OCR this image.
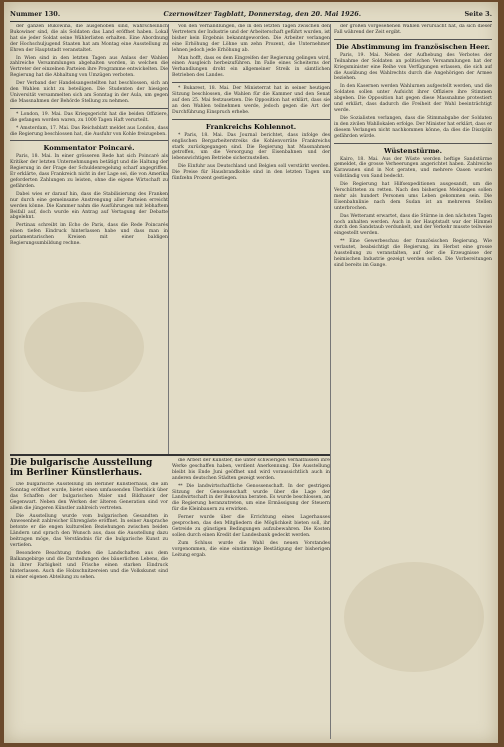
Nummer 130.	Czernowitzer Tagblatt, Donnerstag, den 20. Mai 1926.	Seite 3.

der ganzen Bukowina, die ausgehoben sind, wahrscheinlich Bukowiner sind, die als Soldaten das Land eröffnet haben. Lokal hat sie jeder Soldat seine Wählerlisten erhalten. Eine Abordnung der Hochschuljugend Staaten hat am Montag eine Ausstellung zu Ehren der Hauptstadt veranstaltet.

In Wien sind in den letzten Tagen aus Anlass der Wahlen zahlreiche Versammlungen abgehalten worden, in welchen die Vertreter der einzelnen Parteien ihre Programme entwickelten. Die Regierung hat die Abhaltung von Umzügen verboten.

Der Verband der Handelsangestellten hat beschlossen, sich an den Wahlen nicht zu beteiligen. Die Studenten der hiesigen Universität versammelten sich am Sonntag in der Aula, um gegen die Massnahmen der Behörde Stellung zu nehmen.

* London, 19. Mai. Das Kriegsgericht hat die beiden Offiziere, die gefangen worden waren, zu 1000 Tagen Haft verurteilt.

* Amsterdam, 17. Mai. Das Reichsblatt meldet aus London, dass die Regierung beschlossen hat, die Ausfuhr von Kohle freizugeben.

Kommentator Poincaré.

Paris, 18. Mai. In einer grösseren Rede hat sich Poincaré als Kritiker der letzten Unternehmungen betätigt und die Haltung der Regierung in der Frage der Schuldenregelung scharf angegriffen. Er erklärte, dass Frankreich nicht in der Lage sei, die von Amerika geforderten Zahlungen zu leisten, ohne die eigene Wirtschaft zu gefährden.

Dabei wies er darauf hin, dass die Stabilisierung des Franken nur durch eine gemeinsame Anstrengung aller Parteien erreicht werden könne. Die Kammer nahm die Ausführungen mit lebhaftem Beifall auf, doch wurde ein Antrag auf Vertagung der Debatte abgelehnt.

Pertinax schreibt im Echo de Paris, dass die Rede Poincarés einen tiefen Eindruck hinterlassen habe und dass man in parlamentarischen Kreisen mit einer baldigen Regierungsumbildung rechne.

Von den Verhandlungen, die in den letzten Tagen zwischen den Vertretern der Industrie und der Arbeiterschaft geführt wurden, ist bisher kein Ergebnis bekanntgeworden. Die Arbeiter verlangen eine Erhöhung der Löhne um zehn Prozent, die Unternehmer lehnen jedoch jede Erhöhung ab.

Man hofft, dass es dem Eingreifen der Regierung gelingen wird, einen Ausgleich herbeizuführen. Im Falle eines Scheiterns der Verhandlungen droht ein allgemeiner Streik in sämtlichen Betrieben des Landes.

* Bukarest, 18. Mai. Der Ministerrat hat in seiner heutigen Sitzung beschlossen, die Wahlen für die Kammer und den Senat auf den 25. Mai festzusetzen. Die Opposition hat erklärt, dass sie an den Wahlen teilnehmen werde, jedoch gegen die Art der Durchführung Einspruch erhebe.

Frankreichs Kohlennot.

* Paris, 18. Mai. Das Journal berichtet, dass infolge des englischen Bergarbeiterstreiks die Kohlenvorräte Frankreichs stark zurückgegangen sind. Die Regierung hat Massnahmen getroffen, um die Versorgung der Eisenbahnen und der lebenswichtigen Betriebe sicherzustellen.

Die Einfuhr aus Deutschland und Belgien soll verstärkt werden. Die Preise für Hausbrandkohle sind in den letzten Tagen um fünfzehn Prozent gestiegen.

der großen vorgesehenen Wahlen verursacht hat, da sich dieser Fall während der Zeit ergibt.

Die Abstimmung im französischen Heer.

Paris, 19. Mai. Neben der Aufhebung des Verbotes der Teilnahme der Soldaten an politischen Versammlungen hat der Kriegsminister eine Reihe von Verfügungen erlassen, die sich auf die Ausübung des Wahlrechts durch die Angehörigen der Armee beziehen.

In den Kasernen werden Wahlurnen aufgestellt werden, und die Soldaten sollen unter Aufsicht ihrer Offiziere ihre Stimmen abgeben. Die Opposition hat gegen diese Massnahme protestiert und erklärt, dass dadurch die Freiheit der Wahl beeinträchtigt werde.

Die Sozialisten verlangen, dass die Stimmabgabe der Soldaten in den zivilen Wahllokalen erfolge. Der Minister hat erklärt, dass er diesem Verlangen nicht nachkommen könne, da dies die Disziplin gefährden würde.

Wüstenstürme.

Kairo, 18. Mai. Aus der Wüste werden heftige Sandstürme gemeldet, die grosse Verheerungen angerichtet haben. Zahlreiche Karawanen sind in Not geraten, und mehrere Oasen wurden vollständig von Sand bedeckt.

Die Regierung hat Hilfsexpeditionen ausgesandt, um die Verschütteten zu retten. Nach den bisherigen Meldungen sollen mehr als hundert Personen ums Leben gekommen sein. Die Eisenbahnlinie nach dem Sudan ist an mehreren Stellen unterbrochen.

Das Wetteramt erwartet, dass die Stürme in den nächsten Tagen noch anhalten werden. Auch in der Hauptstadt war der Himmel durch den Sandstaub verdunkelt, und der Verkehr musste teilweise eingestellt werden.

** Eine Gewerbeschau der französischen Regierung. Wie verlautet, beabsichtigt die Regierung, im Herbst eine grosse Ausstellung zu veranstalten, auf der die Erzeugnisse der heimischen Industrie gezeigt werden sollen. Die Vorbereitungen sind bereits im Gange.

Die bulgarische Ausstellung im Berliner Künstlerhaus.

Die bulgarische Ausstellung im Berliner Künstlerhaus, die am Sonntag eröffnet wurde, bietet einen umfassenden Überblick über das Schaffen der bulgarischen Maler und Bildhauer der Gegenwart. Neben den Werken der älteren Generation sind vor allem die jüngeren Künstler zahlreich vertreten.

Die Ausstellung wurde vom bulgarischen Gesandten in Anwesenheit zahlreicher Ehrengäste eröffnet. In seiner Ansprache betonte er die engen kulturellen Beziehungen zwischen beiden Ländern und sprach den Wunsch aus, dass die Ausstellung dazu beitragen möge, das Verständnis für die bulgarische Kunst zu vertiefen.

Besondere Beachtung finden die Landschaften aus dem Balkangebirge und die Darstellungen des bäuerlichen Lebens, die in ihrer Farbigkeit und Frische einen starken Eindruck hinterlassen. Auch die Holzschnitzereien und die Volkskunst sind in einer eigenen Abteilung zu sehen.

die Arbeit der Künstler, die unter schwierigen Verhältnissen ihre Werke geschaffen haben, verdient Anerkennung. Die Ausstellung bleibt bis Ende Juni geöffnet und wird voraussichtlich auch in anderen deutschen Städten gezeigt werden.

** Die landwirtschaftliche Genossenschaft. In der gestrigen Sitzung der Genossenschaft wurde über die Lage der Landwirtschaft in der Bukowina beraten. Es wurde beschlossen, an die Regierung heranzutreten, um eine Ermässigung der Steuern für die Kleinbauern zu erwirken.

Ferner wurde über die Errichtung eines Lagerhauses gesprochen, das den Mitgliedern die Möglichkeit bieten soll, ihr Getreide zu günstigen Bedingungen aufzubewahren. Die Kosten sollen durch einen Kredit der Landesbank gedeckt werden.

Zum Schluss wurde die Wahl des neuen Vorstandes vorgenommen, die eine einstimmige Bestätigung der bisherigen Leitung ergab.
